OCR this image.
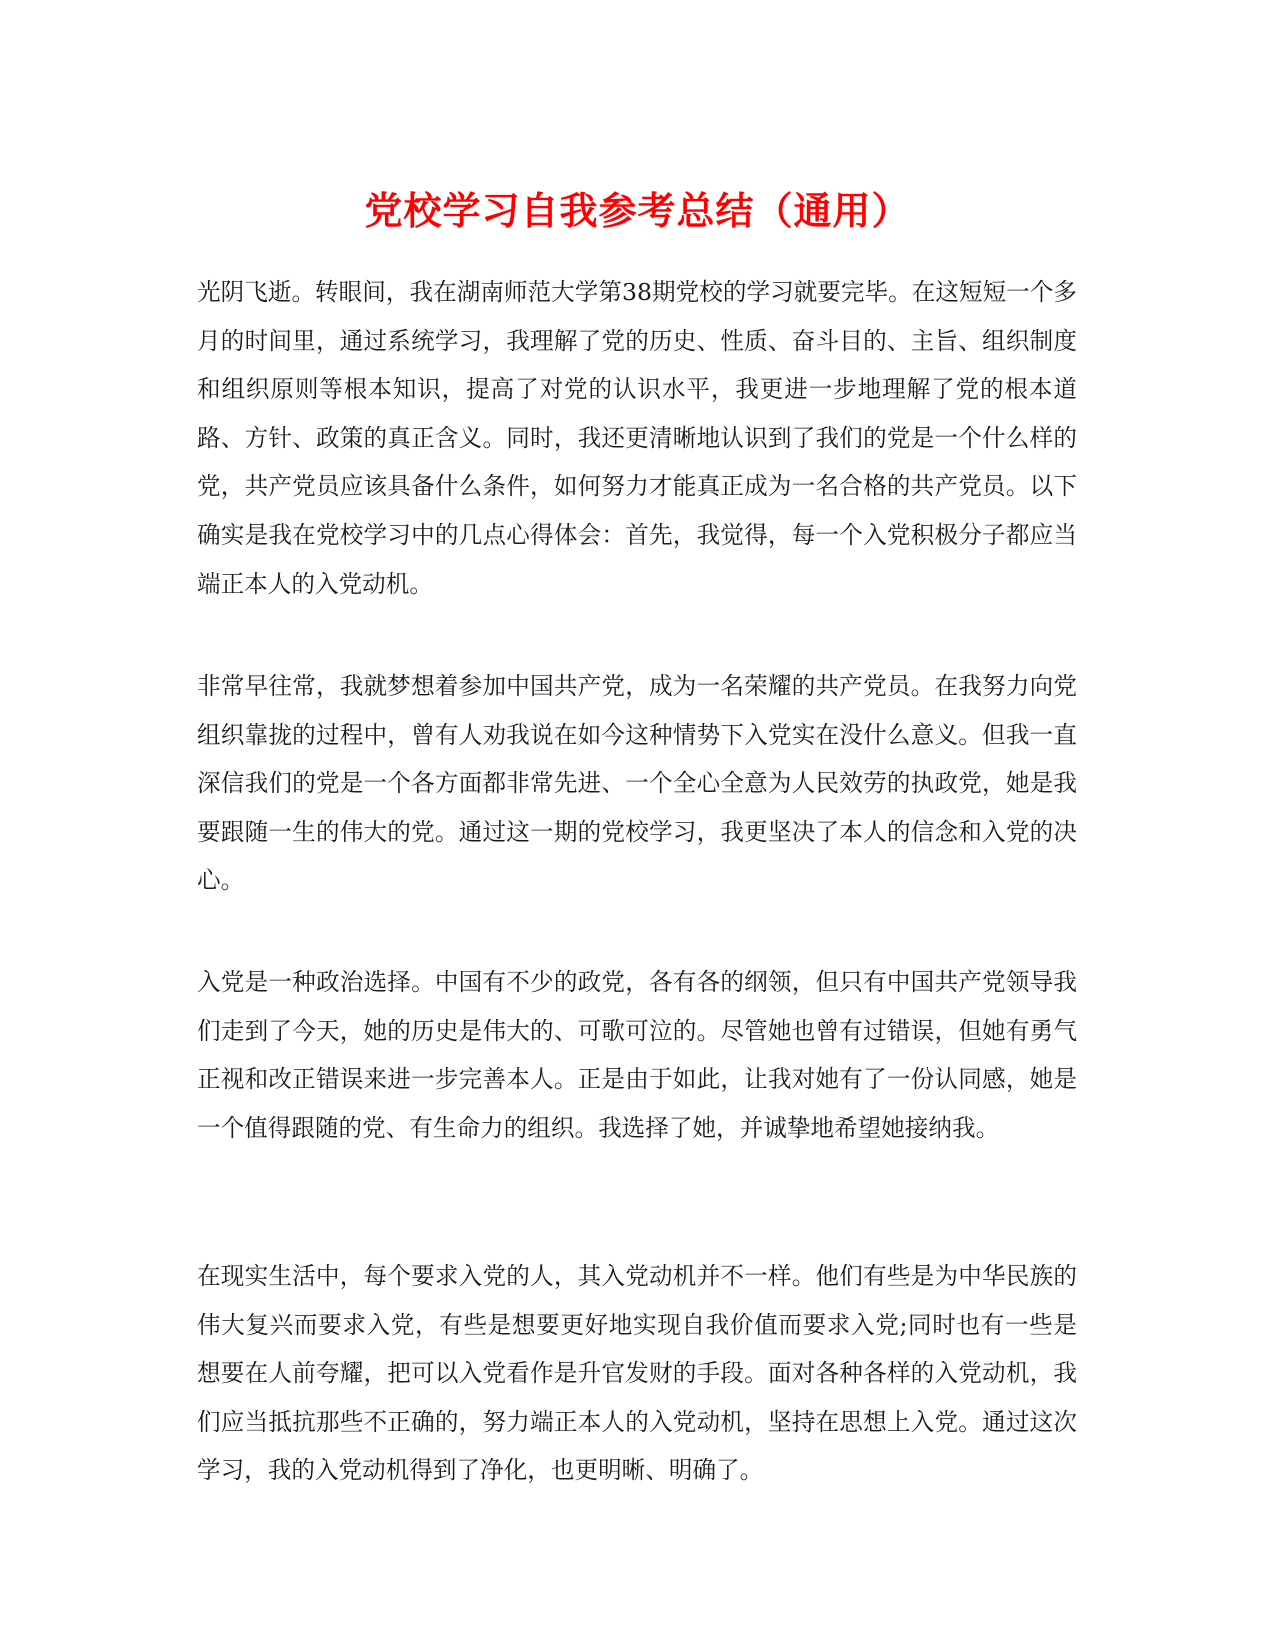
党校学习自我参考总结（通用）

光阴飞逝。转眼间，我在湖南师范大学第38期党校的学习就要完毕。在这短短一个多月的时间里，通过系统学习，我理解了党的历史、性质、奋斗目的、主旨、组织制度和组织原则等根本知识，提高了对党的认识水平，我更进一步地理解了党的根本道路、方针、政策的真正含义。同时，我还更清晰地认识到了我们的党是一个什么样的党，共产党员应该具备什么条件，如何努力才能真正成为一名合格的共产党员。以下确实是我在党校学习中的几点心得体会：首先，我觉得，每一个入党积极分子都应当端正本人的入党动机。

非常早往常，我就梦想着参加中国共产党，成为一名荣耀的共产党员。在我努力向党组织靠拢的过程中，曾有人劝我说在如今这种情势下入党实在没什么意义。但我一直深信我们的党是一个各方面都非常先进、一个全心全意为人民效劳的执政党，她是我要跟随一生的伟大的党。通过这一期的党校学习，我更坚决了本人的信念和入党的决心。

入党是一种政治选择。中国有不少的政党，各有各的纲领，但只有中国共产党领导我们走到了今天，她的历史是伟大的、可歌可泣的。尽管她也曾有过错误，但她有勇气正视和改正错误来进一步完善本人。正是由于如此，让我对她有了一份认同感，她是一个值得跟随的党、有生命力的组织。我选择了她，并诚挚地希望她接纳我。

在现实生活中，每个要求入党的人，其入党动机并不一样。他们有些是为中华民族的伟大复兴而要求入党，有些是想要更好地实现自我价值而要求入党;同时也有一些是想要在人前夸耀，把可以入党看作是升官发财的手段。面对各种各样的入党动机，我们应当抵抗那些不正确的，努力端正本人的入党动机，坚持在思想上入党。通过这次学习，我的入党动机得到了净化，也更明晰、明确了。
